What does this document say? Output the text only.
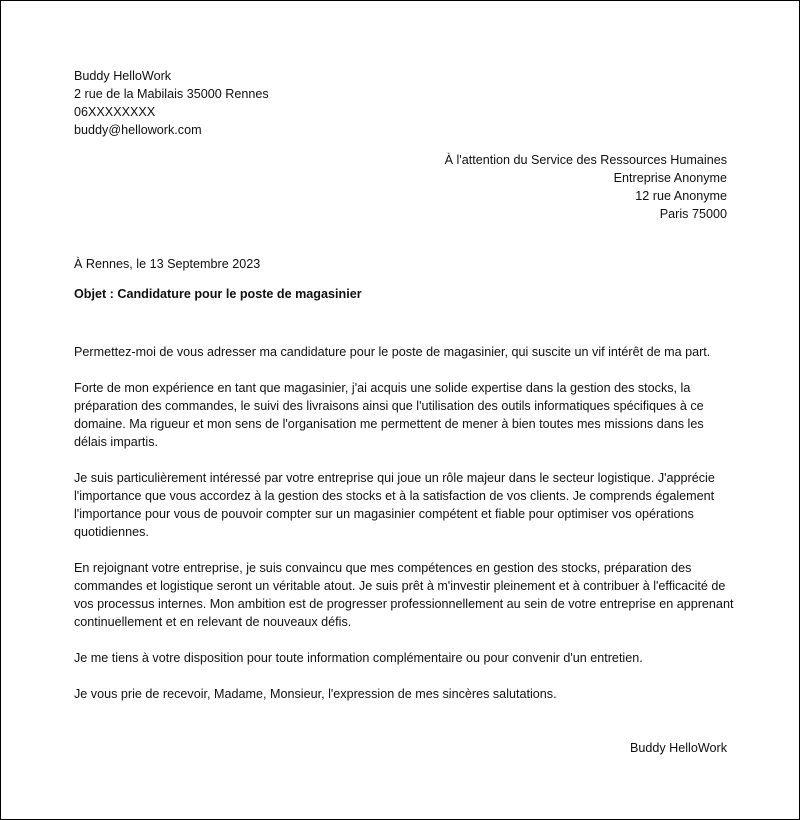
Buddy HelloWork
2 rue de la Mabilais 35000 Rennes
06XXXXXXXX
buddy@hellowork.com
À l'attention du Service des Ressources Humaines
Entreprise Anonyme
12 rue Anonyme
Paris 75000
À Rennes, le 13 Septembre 2023
Objet : Candidature pour le poste de magasinier

Permettez-moi de vous adresser ma candidature pour le poste de magasinier, qui suscite un vif intérêt de ma part.

Forte de mon expérience en tant que magasinier, j'ai acquis une solide expertise dans la gestion des stocks, la préparation des commandes, le suivi des livraisons ainsi que l'utilisation des outils informatiques spécifiques à ce domaine. Ma rigueur et mon sens de l'organisation me permettent de mener à bien toutes mes missions dans les délais impartis.

Je suis particulièrement intéressé par votre entreprise qui joue un rôle majeur dans le secteur logistique. J'apprécie l'importance que vous accordez à la gestion des stocks et à la satisfaction de vos clients. Je comprends également l'importance pour vous de pouvoir compter sur un magasinier compétent et fiable pour optimiser vos opérations quotidiennes.

En rejoignant votre entreprise, je suis convaincu que mes compétences en gestion des stocks, préparation des commandes et logistique seront un véritable atout. Je suis prêt à m'investir pleinement et à contribuer à l'efficacité de vos processus internes. Mon ambition est de progresser professionnellement au sein de votre entreprise en apprenant continuellement et en relevant de nouveaux défis.

Je me tiens à votre disposition pour toute information complémentaire ou pour convenir d'un entretien.

Je vous prie de recevoir, Madame, Monsieur, l'expression de mes sincères salutations.

Buddy HelloWork
